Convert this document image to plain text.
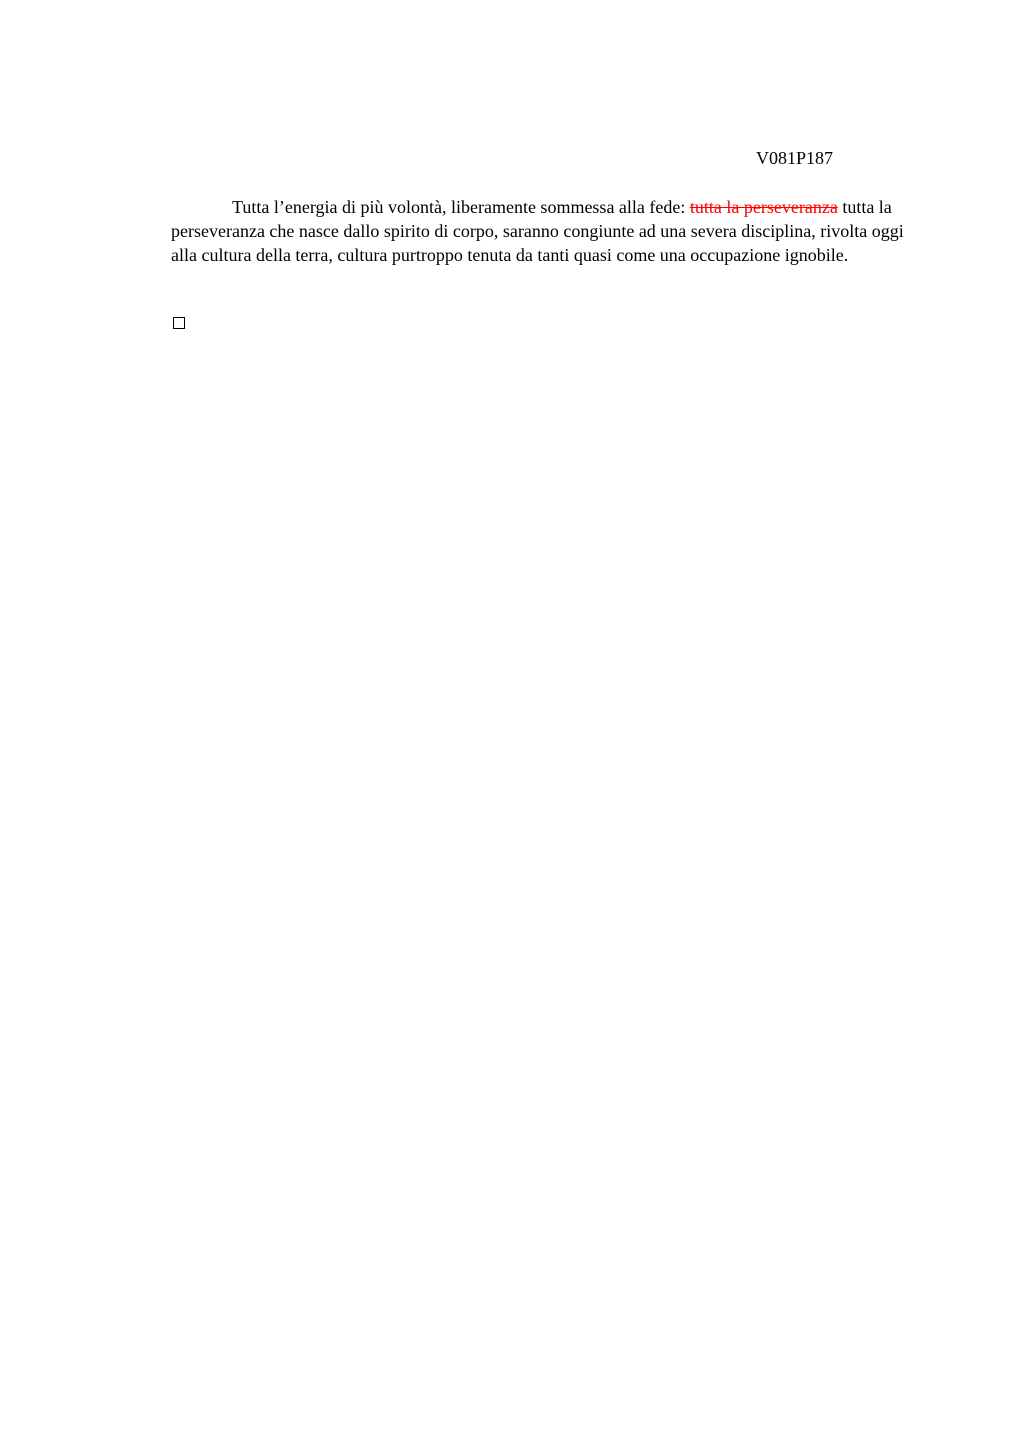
V081P187

Tutta l’energia di più volontà, liberamente sommessa alla fede: tutta la perseveranza tutta la perseveranza che nasce dallo spirito di corpo, saranno congiunte ad una severa disciplina, rivolta oggi alla cultura della terra, cultura purtroppo tenuta da tanti quasi come una occupazione ignobile.
